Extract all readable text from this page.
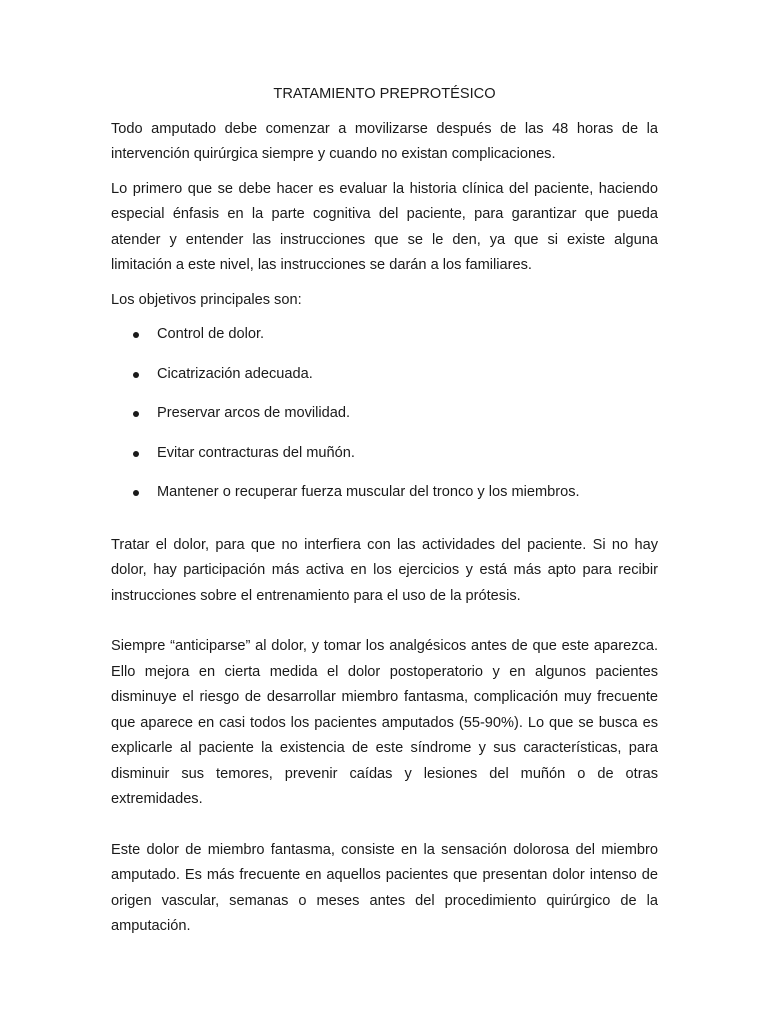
TRATAMIENTO PREPROTÉSICO

Todo amputado debe comenzar a movilizarse después de las 48 horas de la intervención quirúrgica siempre y cuando no existan complicaciones.

Lo primero que se debe hacer es evaluar la historia clínica del paciente, haciendo especial énfasis en la parte cognitiva del paciente, para garantizar que pueda atender y entender las instrucciones que se le den, ya que si existe alguna limitación a este nivel, las instrucciones se darán a los familiares.

Los objetivos principales son:

Control de dolor.
Cicatrización adecuada.
Preservar arcos de movilidad.
Evitar contracturas del muñón.
Mantener o recuperar fuerza muscular del tronco y los miembros.

Tratar el dolor, para que no interfiera con las actividades del paciente. Si no hay dolor, hay participación más activa en los ejercicios y está más apto para recibir instrucciones sobre el entrenamiento para el uso de la prótesis.

Siempre “anticiparse” al dolor, y tomar los analgésicos antes de que este aparezca. Ello mejora en cierta medida el dolor postoperatorio y en algunos pacientes disminuye el riesgo de desarrollar miembro fantasma, complicación muy frecuente que aparece en casi todos los pacientes amputados (55-90%). Lo que se busca es explicarle al paciente la existencia de este síndrome y sus características, para disminuir sus temores, prevenir caídas y lesiones del muñón o de otras extremidades.

Este dolor de miembro fantasma, consiste en la sensación dolorosa del miembro amputado. Es más frecuente en aquellos pacientes que presentan dolor intenso de origen vascular, semanas o meses antes del procedimiento quirúrgico de la amputación.
